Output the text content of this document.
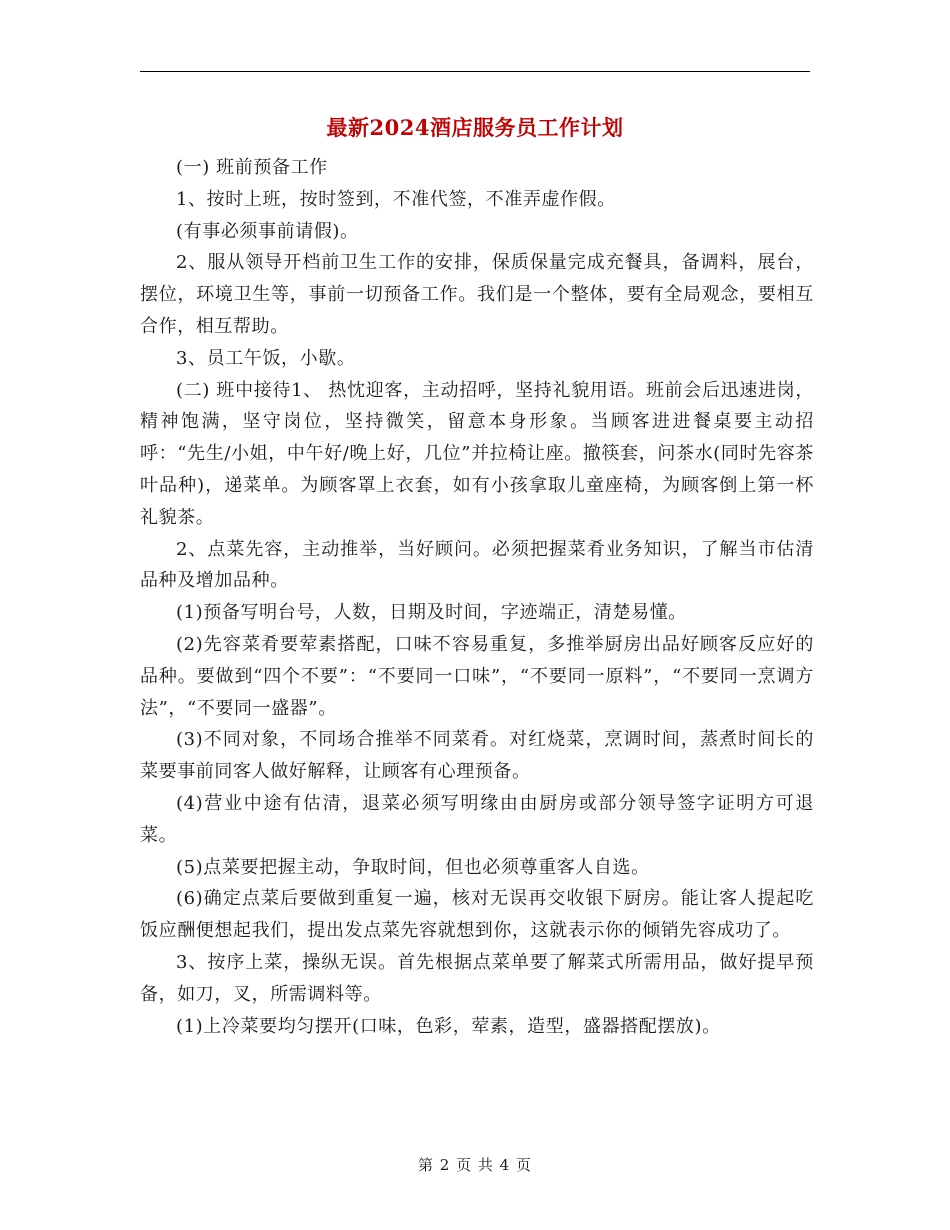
最新2024酒店服务员工作计划

(一) 班前预备工作

1、按时上班，按时签到，不准代签，不准弄虚作假。

(有事必须事前请假)。

2、服从领导开档前卫生工作的安排，保质保量完成充餐具，备调料，展台，摆位，环境卫生等，事前一切预备工作。我们是一个整体，要有全局观念，要相互合作，相互帮助。

3、员工午饭，小歇。

(二) 班中接待1、 热忱迎客，主动招呼，坚持礼貌用语。班前会后迅速进岗，精神饱满，坚守岗位，坚持微笑，留意本身形象。当顾客进进餐桌要主动招呼：“先生/小姐，中午好/晚上好，几位”并拉椅让座。撤筷套，问茶水(同时先容茶叶品种)，递菜单。为顾客罩上衣套，如有小孩拿取儿童座椅，为顾客倒上第一杯礼貌茶。

2、点菜先容，主动推举，当好顾问。必须把握菜肴业务知识，了解当市估清品种及增加品种。

(1)预备写明台号，人数，日期及时间，字迹端正，清楚易懂。

(2)先容菜肴要荤素搭配，口味不容易重复，多推举厨房出品好顾客反应好的品种。要做到“四个不要”：“不要同一口味”，“不要同一原料”，“不要同一烹调方法”，“不要同一盛器”。

(3)不同对象，不同场合推举不同菜肴。对红烧菜，烹调时间，蒸煮时间长的菜要事前同客人做好解释，让顾客有心理预备。

(4)营业中途有估清，退菜必须写明缘由由厨房或部分领导签字证明方可退菜。

(5)点菜要把握主动，争取时间，但也必须尊重客人自选。

(6)确定点菜后要做到重复一遍，核对无误再交收银下厨房。能让客人提起吃饭应酬便想起我们，提出发点菜先容就想到你，这就表示你的倾销先容成功了。

3、按序上菜，操纵无误。首先根据点菜单要了解菜式所需用品，做好提早预备，如刀，叉，所需调料等。

(1)上冷菜要均匀摆开(口味，色彩，荤素，造型，盛器搭配摆放)。

第 2 页 共 4 页
